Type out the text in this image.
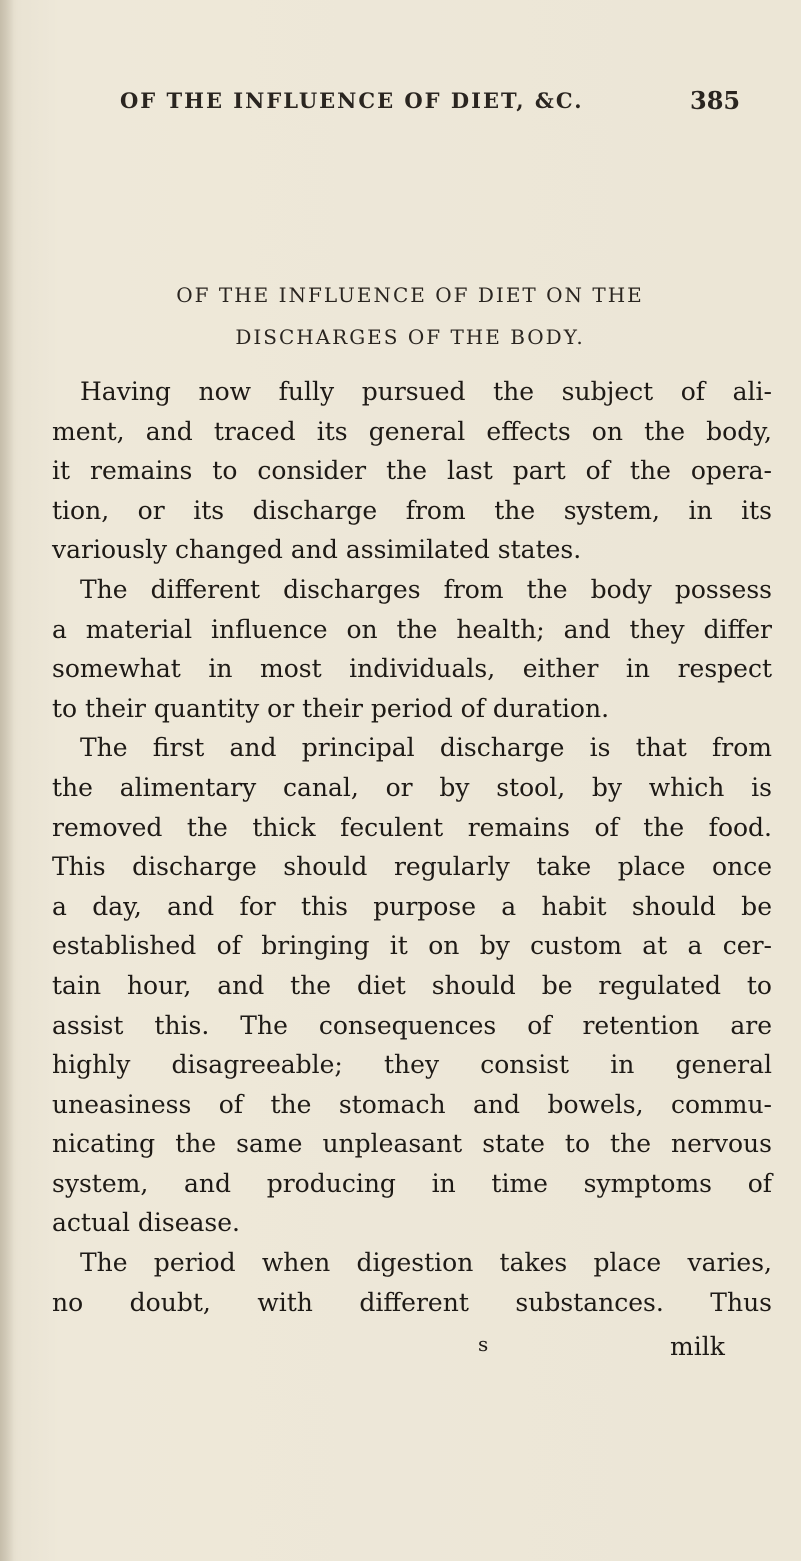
OF THE INFLUENCE OF DIET, &C.	385
OF THE INFLUENCE OF DIET ON THE
DISCHARGES OF THE BODY.
Having now fully pursued the subject of ali-
ment, and traced its general effects on the body,
it remains to consider the last part of the opera-
tion, or its discharge from the system, in its
variously changed and assimilated states.
The different discharges from the body possess
a material influence on the health; and they differ
somewhat in most individuals, either in respect
to their quantity or their period of duration.
The first and principal discharge is that from
the alimentary canal, or by stool, by which is
removed the thick feculent remains of the food.
This discharge should regularly take place once
a day, and for this purpose a habit should be
established of bringing it on by custom at a cer-
tain hour, and the diet should be regulated to
assist this. The consequences of retention are
highly disagreeable; they consist in general
uneasiness of the stomach and bowels, commu-
nicating the same unpleasant state to the nervous
system, and producing in time symptoms of
actual disease.
The period when digestion takes place varies,
no doubt, with different substances. Thus
s	milk
